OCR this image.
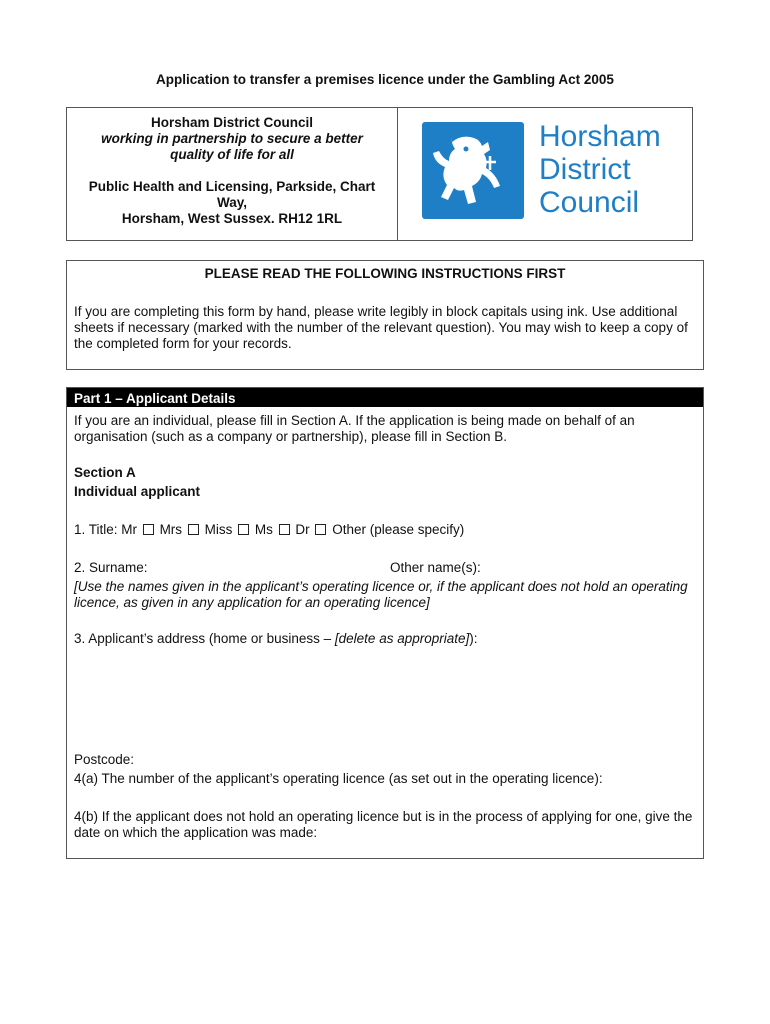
Application to transfer a premises licence under the Gambling Act 2005
Horsham District Council
working in partnership to secure a better
quality of life for all
Public Health and Licensing, Parkside, Chart
Way,
Horsham, West Sussex. RH12 1RL
Horsham
District
Council
PLEASE READ THE FOLLOWING INSTRUCTIONS FIRST
If you are completing this form by hand, please write legibly in block capitals using ink. Use additional sheets if necessary (marked with the number of the relevant question). You may wish to keep a copy of the completed form for your records.
Part 1 – Applicant Details
If you are an individual, please fill in Section A. If the application is being made on behalf of an organisation (such as a company or partnership), please fill in Section B.
Section A
Individual applicant
1. Title: Mr Mrs Miss Ms Dr Other (please specify)
2. Surname:	Other name(s):
[Use the names given in the applicant’s operating licence or, if the applicant does not hold an operating licence, as given in any application for an operating licence]
3. Applicant’s address (home or business – [delete as appropriate]):
Postcode:
4(a) The number of the applicant’s operating licence (as set out in the operating licence):
4(b) If the applicant does not hold an operating licence but is in the process of applying for one, give the date on which the application was made:
